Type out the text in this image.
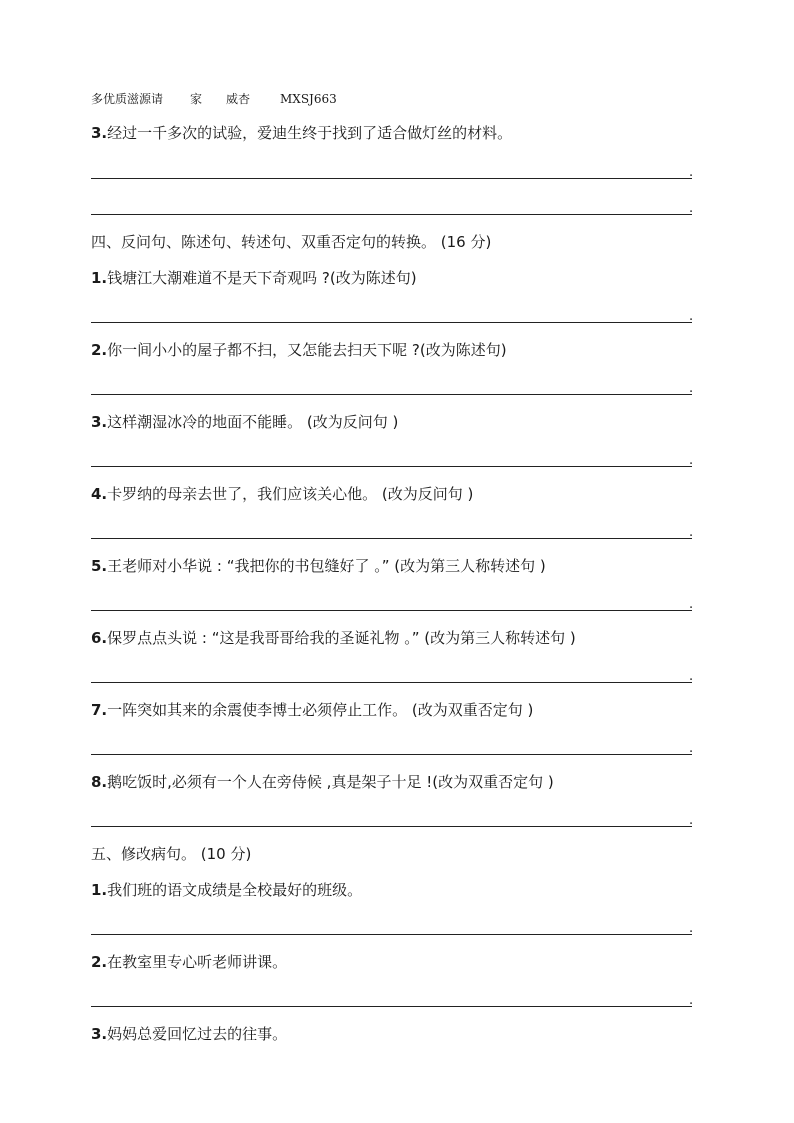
多优质滋源请 家 威杏 MXSJ663
3.经过一千多次的试验，爱迪生终于找到了适合做灯丝的材料。
.
.
四、反问句、陈述句、转述句、双重否定句的转换。 (16 分)
1.钱塘江大潮难道不是天下奇观吗 ?(改为陈述句)
.
2.你一间小小的屋子都不扫，又怎能去扫天下呢 ?(改为陈述句)
.
3.这样潮湿冰冷的地面不能睡。 (改为反问句 )
.
4.卡罗纳的母亲去世了，我们应该关心他。 (改为反问句 )
.
5.王老师对小华说 : “我把你的书包缝好了 。” (改为第三人称转述句 )
.
6.保罗点点头说 : “这是我哥哥给我的圣诞礼物 。” (改为第三人称转述句 )
.
7.一阵突如其来的余震使李博士必须停止工作。 (改为双重否定句 )
.
8.鹅吃饭时,必须有一个人在旁侍候 ,真是架子十足 !(改为双重否定句 )
.
五、修改病句。 (10 分)
1.我们班的语文成绩是全校最好的班级。
.
2.在教室里专心听老师讲课。
.
3.妈妈总爱回忆过去的往事。
